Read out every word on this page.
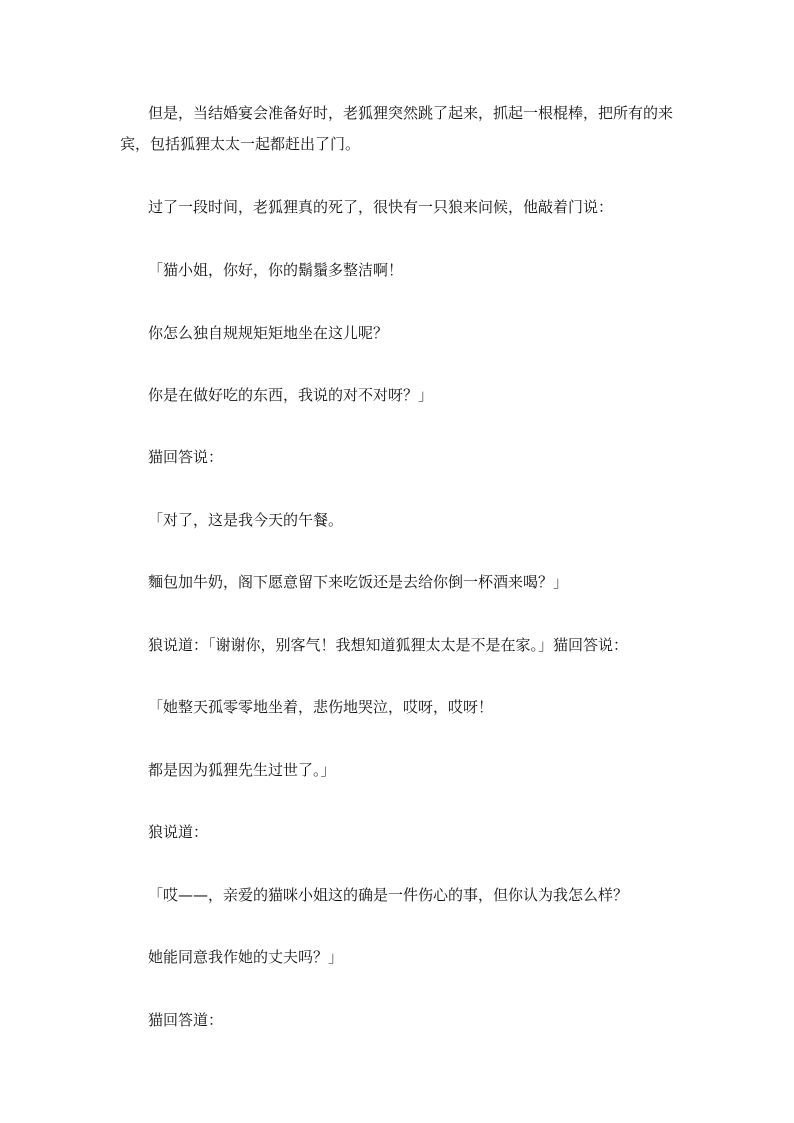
但是，当结婚宴会准备好时，老狐狸突然跳了起来，抓起一根棍棒，把所有的来宾，包括狐狸太太一起都赶出了门。

过了一段时间，老狐狸真的死了，很快有一只狼来问候，他敲着门说：

「猫小姐，你好，你的鬍鬚多整洁啊！

你怎么独自规规矩矩地坐在这儿呢？

你是在做好吃的东西，我说的对不对呀？」

猫回答说：

「对了，这是我今天的午餐。

麵包加牛奶，阁下愿意留下来吃饭还是去给你倒一杯酒来喝？」

狼说道：「谢谢你，别客气！我想知道狐狸太太是不是在家。」猫回答说：

「她整天孤零零地坐着，悲伤地哭泣，哎呀，哎呀！

都是因为狐狸先生过世了。」

狼说道：

「哎——，亲爱的猫咪小姐这的确是一件伤心的事，但你认为我怎么样？

她能同意我作她的丈夫吗？」

猫回答道：
